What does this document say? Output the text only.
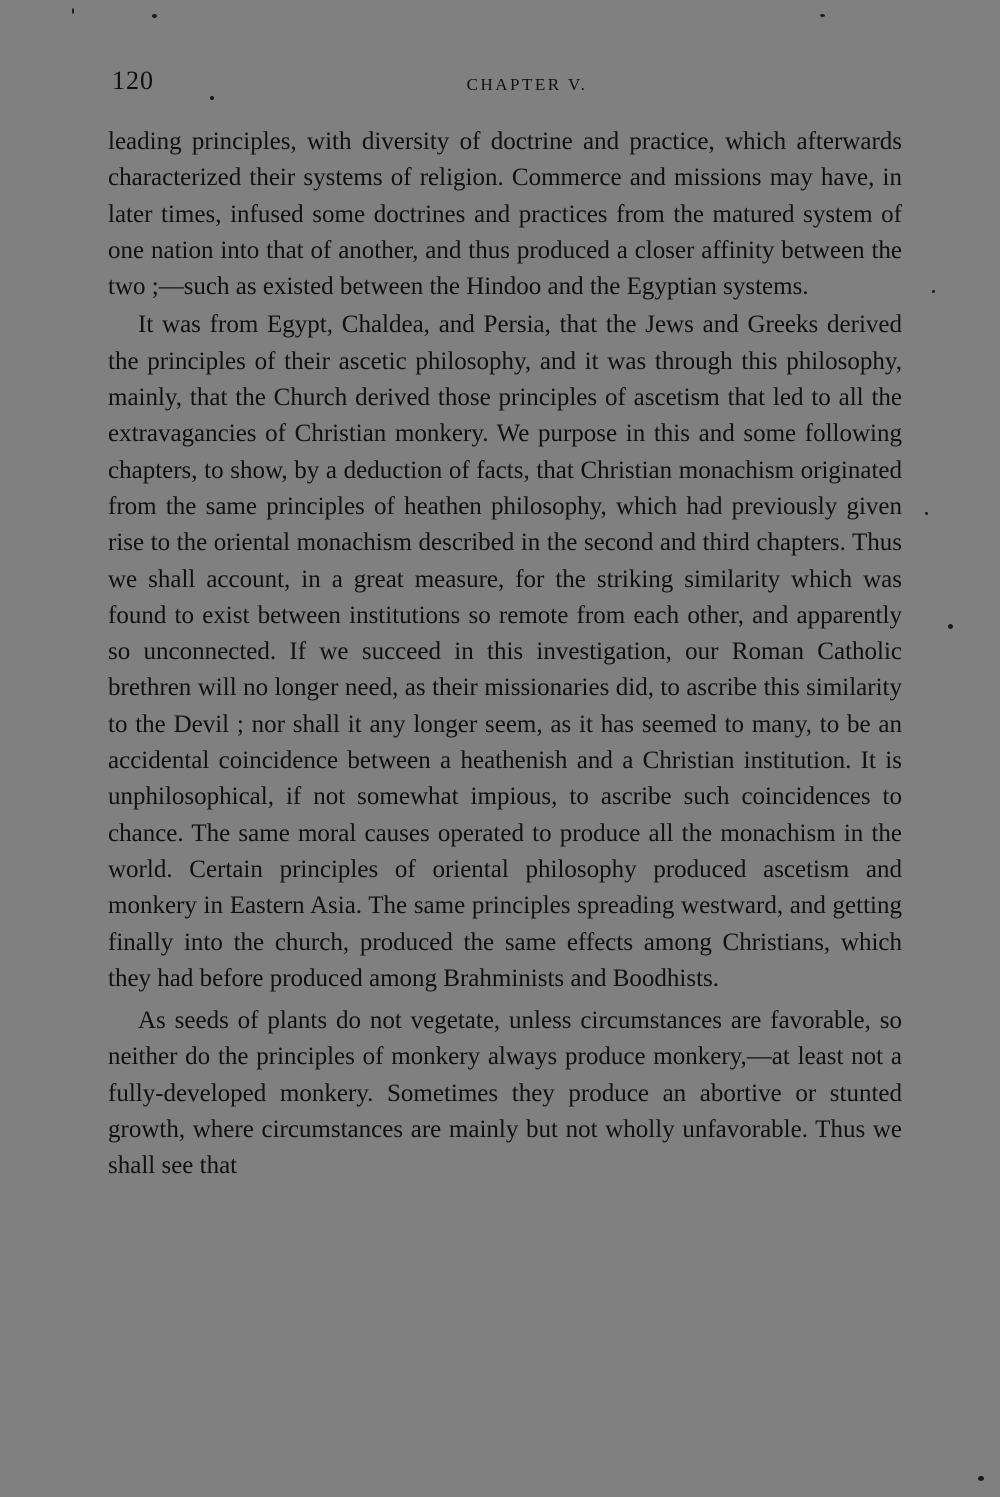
120	CHAPTER V.

leading principles, with diversity of doctrine and practice, which afterwards characterized their systems of religion. Commerce and missions may have, in later times, infused some doctrines and practices from the matured system of one nation into that of another, and thus produced a closer affinity between the two ;—such as existed between the Hindoo and the Egyptian systems.

It was from Egypt, Chaldea, and Persia, that the Jews and Greeks derived the principles of their ascetic philosophy, and it was through this philosophy, mainly, that the Church derived those principles of ascetism that led to all the extravagancies of Christian monkery. We purpose in this and some following chapters, to show, by a deduction of facts, that Christian monachism originated from the same principles of heathen philosophy, which had previously given rise to the oriental monachism described in the second and third chapters. Thus we shall account, in a great measure, for the striking similarity which was found to exist between institutions so remote from each other, and apparently so unconnected. If we succeed in this investigation, our Roman Catholic brethren will no longer need, as their missionaries did, to ascribe this similarity to the Devil ; nor shall it any longer seem, as it has seemed to many, to be an accidental coincidence between a heathenish and a Christian institution. It is unphilosophical, if not somewhat impious, to ascribe such coincidences to chance. The same moral causes operated to produce all the monachism in the world. Certain principles of oriental philosophy produced ascetism and monkery in Eastern Asia. The same principles spreading westward, and getting finally into the church, produced the same effects among Christians, which they had before produced among Brahminists and Boodhists.

As seeds of plants do not vegetate, unless circumstances are favorable, so neither do the principles of monkery always produce monkery,—at least not a fully-developed monkery. Sometimes they produce an abortive or stunted growth, where circumstances are mainly but not wholly unfavorable. Thus we shall see that
